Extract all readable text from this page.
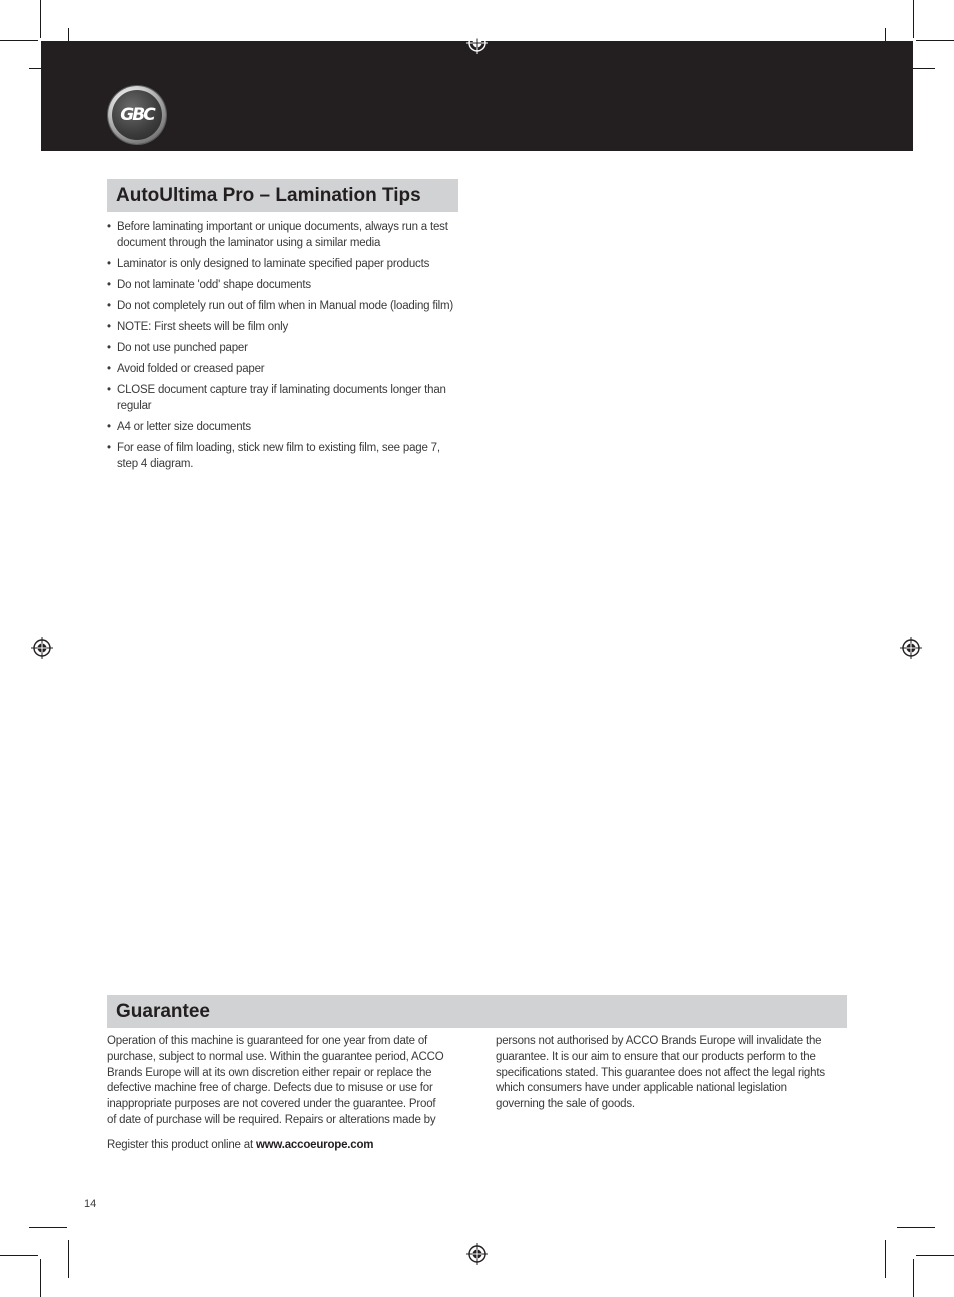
GBC
AutoUltima Pro – Lamination Tips
• Before laminating important or unique documents, always run a test document through the laminator using a similar media
• Laminator is only designed to laminate specified paper products
• Do not laminate 'odd' shape documents
• Do not completely run out of film when in Manual mode (loading film)
• NOTE: First sheets will be film only
• Do not use punched paper
• Avoid folded or creased paper
• CLOSE document capture tray if laminating documents longer than regular
• A4 or letter size documents
• For ease of film loading, stick new film to existing film, see page 7, step 4 diagram.
Guarantee

Operation of this machine is guaranteed for one year from date of purchase, subject to normal use. Within the guarantee period, ACCO Brands Europe will at its own discretion either repair or replace the defective machine free of charge. Defects due to misuse or use for inappropriate purposes are not covered under the guarantee. Proof of date of purchase will be required. Repairs or alterations made by

persons not authorised by ACCO Brands Europe will invalidate the guarantee. It is our aim to ensure that our products perform to the specifications stated. This guarantee does not affect the legal rights which consumers have under applicable national legislation governing the sale of goods.

Register this product online at www.accoeurope.com
14
